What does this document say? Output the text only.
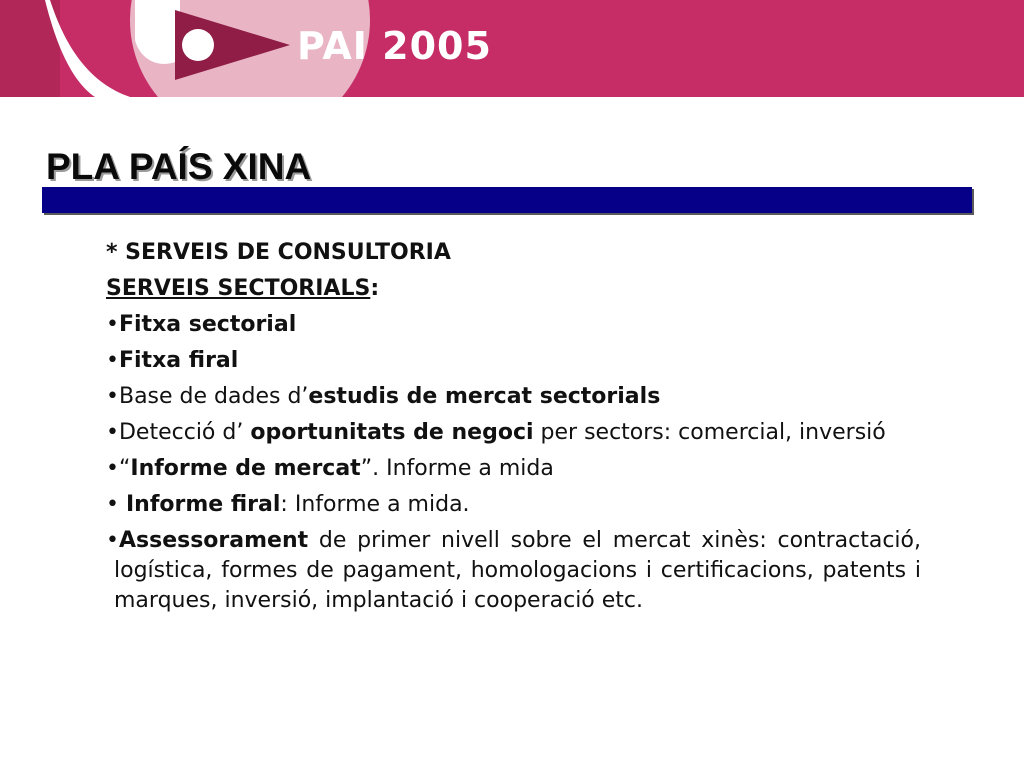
PAI 2005
PLA PAÍS XINA
* SERVEIS DE CONSULTORIA
SERVEIS SECTORIALS:
•Fitxa sectorial
•Fitxa firal
•Base de dades d’estudis de mercat sectorials
•Detecció d’ oportunitats de negoci per sectors: comercial, inversió
•“Informe de mercat”. Informe a mida
• Informe firal: Informe a mida.
•Assessorament de primer nivell sobre el mercat xinès: contractació, logística, formes de pagament, homologacions i certificacions, patents i marques, inversió, implantació i cooperació etc.
